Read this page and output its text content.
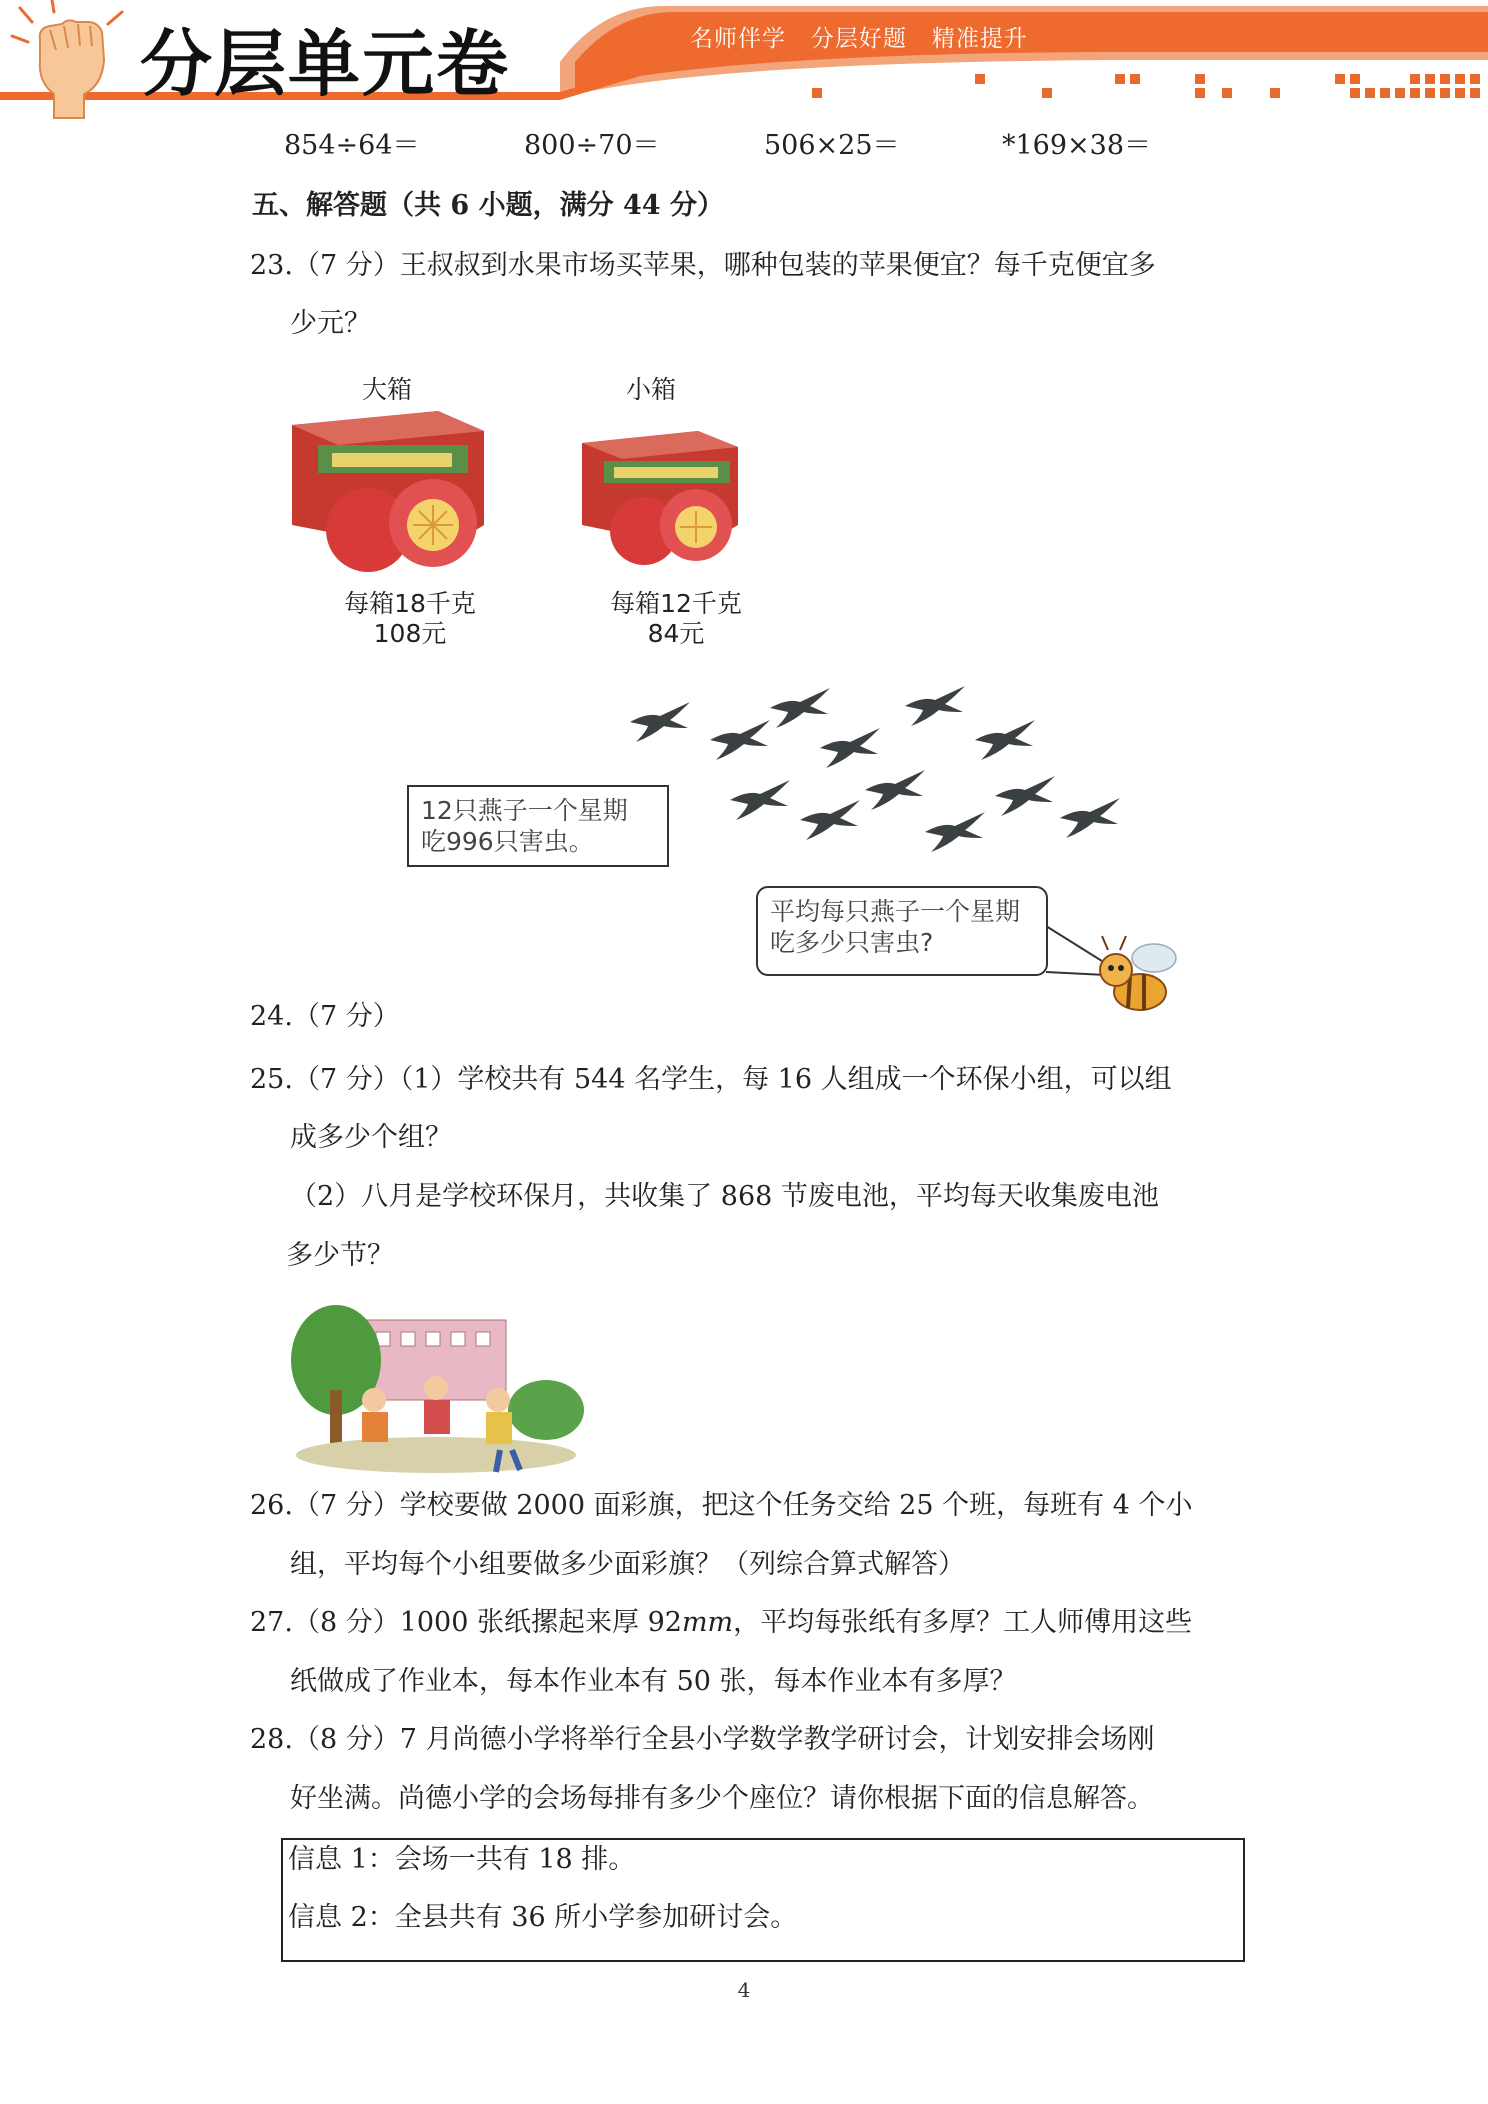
分层单元卷	名师伴学   分层好题   精准提升
854÷64＝	800÷70＝	506×25＝	*169×38＝
五、解答题（共 6 小题，满分 44 分）
23.（7 分）王叔叔到水果市场买苹果，哪种包装的苹果便宜？每千克便宜多
少元？
大箱
每箱18千克
108元
小箱
每箱12千克
84元
12只燕子一个星期
吃996只害虫。
平均每只燕子一个星期
吃多少只害虫?
24.（7 分）
25.（7 分）（1）学校共有 544 名学生，每 16 人组成一个环保小组，可以组
成多少个组？
（2）八月是学校环保月，共收集了 868 节废电池，平均每天收集废电池
多少节？
26.（7 分）学校要做 2000 面彩旗，把这个任务交给 25 个班，每班有 4 个小
组，平均每个小组要做多少面彩旗？（列综合算式解答）
27.（8 分）1000 张纸摞起来厚 92mm，平均每张纸有多厚？工人师傅用这些
纸做成了作业本，每本作业本有 50 张，每本作业本有多厚？
28.（8 分）7 月尚德小学将举行全县小学数学教学研讨会，计划安排会场刚
好坐满。尚德小学的会场每排有多少个座位？请你根据下面的信息解答。
信息 1：会场一共有 18 排。
信息 2：全县共有 36 所小学参加研讨会。
4
